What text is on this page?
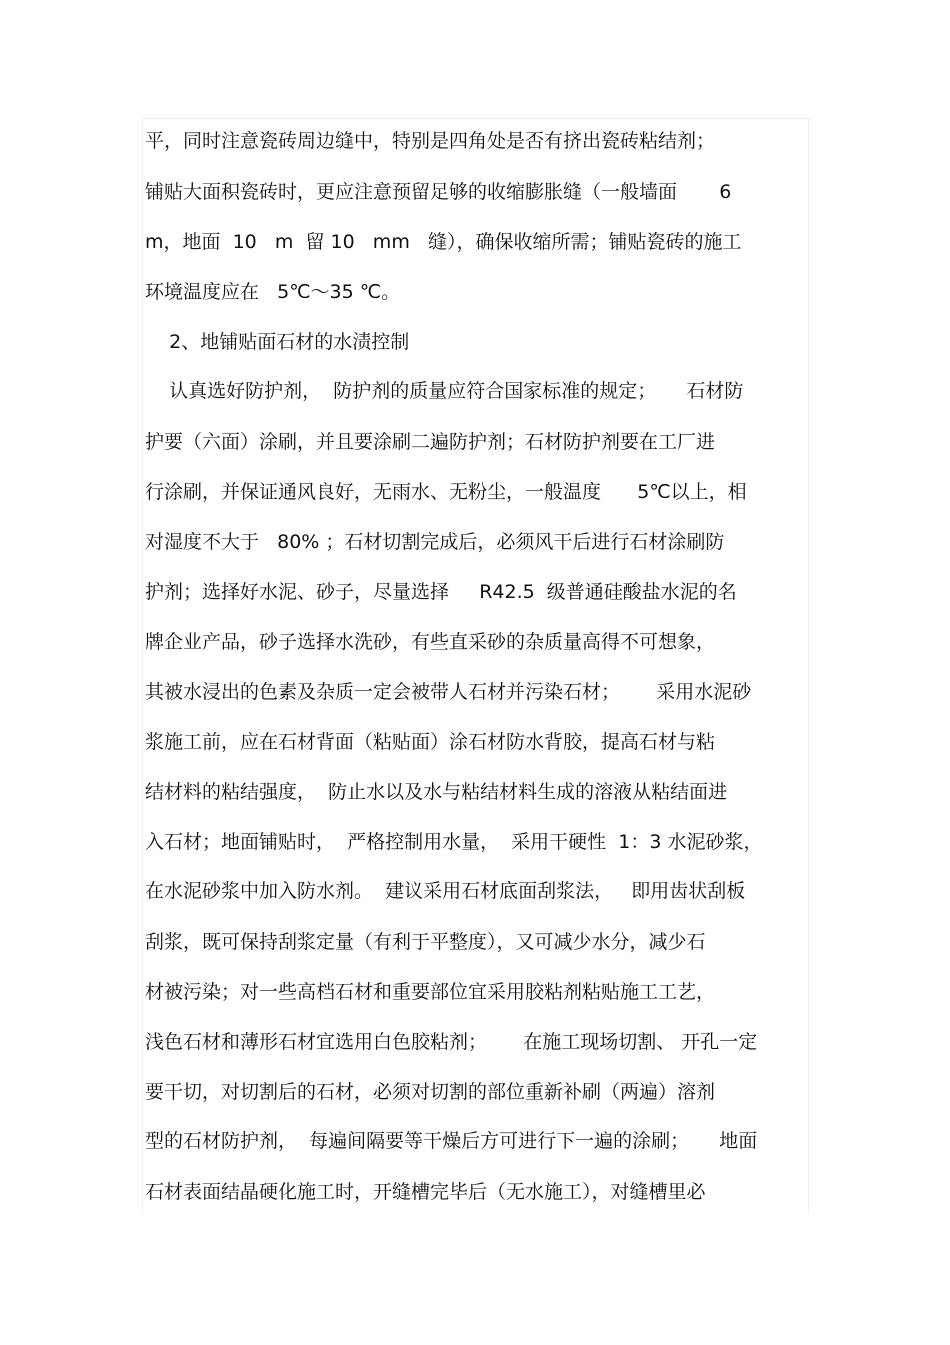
平，同时注意瓷砖周边缝中，特别是四角处是否有挤出瓷砖粘结剂；
铺贴大面积瓷砖时，更应注意预留足够的收缩膨胀缝（一般墙面       6
m，地面  10   m  留 10   mm   缝），确保收缩所需；铺贴瓷砖的施工
环境温度应在   5℃～35 ℃。
2、地铺贴面石材的水渍控制
认真选好防护剂，  防护剂的质量应符合国家标准的规定；     石材防
护要（六面）涂刷，并且要涂刷二遍防护剂；石材防护剂要在工厂进
行涂刷，并保证通风良好，无雨水、无粉尘，一般温度      5℃以上，相
对湿度不大于   80% ；石材切割完成后，必须风干后进行石材涂刷防
护剂；选择好水泥、砂子，尽量选择     R42.5  级普通硅酸盐水泥的名
牌企业产品，砂子选择水洗砂，有些直采砂的杂质量高得不可想象，
其被水浸出的色素及杂质一定会被带人石材并污染石材；      采用水泥砂
浆施工前，应在石材背面（粘贴面）涂石材防水背胶，提高石材与粘
结材料的粘结强度，  防止水以及水与粘结材料生成的溶液从粘结面进
入石材；地面铺贴时，  严格控制用水量，  采用干硬性  1：3 水泥砂浆，
在水泥砂浆中加入防水剂。  建议采用石材底面刮浆法，   即用齿状刮板
刮浆，既可保持刮浆定量（有利于平整度），又可减少水分，减少石
材被污染；对一些高档石材和重要部位宜采用胶粘剂粘贴施工工艺，
浅色石材和薄形石材宜选用白色胶粘剂；      在施工现场切割、 开孔一定
要干切，对切割后的石材，必须对切割的部位重新补刷（两遍）溶剂
型的石材防护剂，  每遍间隔要等干燥后方可进行下一遍的涂刷；     地面
石材表面结晶硬化施工时，开缝槽完毕后（无水施工），对缝槽里必
